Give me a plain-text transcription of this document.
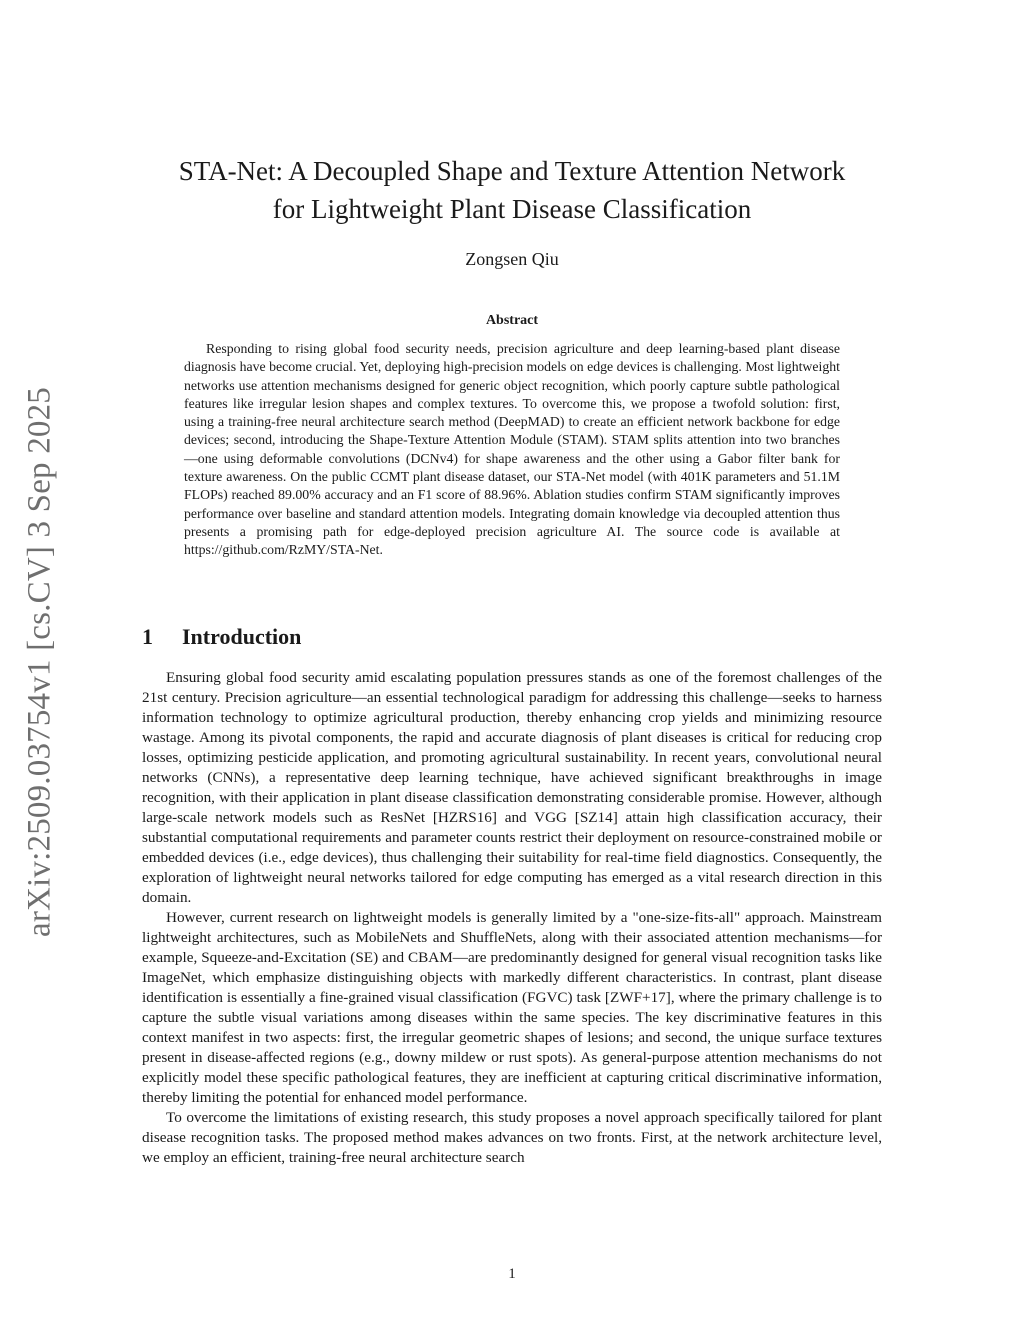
arXiv:2509.03754v1 [cs.CV] 3 Sep 2025
STA-Net: A Decoupled Shape and Texture Attention Network
for Lightweight Plant Disease Classification
Zongsen Qiu
Abstract

Responding to rising global food security needs, precision agriculture and deep learning-based plant disease diagnosis have become crucial. Yet, deploying high-precision models on edge devices is challenging. Most lightweight networks use attention mechanisms designed for generic object recognition, which poorly capture subtle pathological features like irregular lesion shapes and complex textures. To overcome this, we propose a twofold solution: first, using a training-free neural architecture search method (DeepMAD) to create an efficient network backbone for edge devices; second, introducing the Shape-Texture Attention Module (STAM). STAM splits attention into two branches—one using deformable convolutions (DCNv4) for shape awareness and the other using a Gabor filter bank for texture awareness. On the public CCMT plant disease dataset, our STA-Net model (with 401K parameters and 51.1M FLOPs) reached 89.00% accuracy and an F1 score of 88.96%. Ablation studies confirm STAM significantly improves performance over baseline and standard attention models. Integrating domain knowledge via decoupled attention thus presents a promising path for edge-deployed precision agriculture AI. The source code is available at https://github.com/RzMY/STA-Net.

1 Introduction

Ensuring global food security amid escalating population pressures stands as one of the foremost challenges of the 21st century. Precision agriculture—an essential technological paradigm for addressing this challenge—seeks to harness information technology to optimize agricultural production, thereby enhancing crop yields and minimizing resource wastage. Among its pivotal components, the rapid and accurate diagnosis of plant diseases is critical for reducing crop losses, optimizing pesticide application, and promoting agricultural sustainability. In recent years, convolutional neural networks (CNNs), a representative deep learning technique, have achieved significant breakthroughs in image recognition, with their application in plant disease classification demonstrating considerable promise. However, although large-scale network models such as ResNet [HZRS16] and VGG [SZ14] attain high classification accuracy, their substantial computational requirements and parameter counts restrict their deployment on resource-constrained mobile or embedded devices (i.e., edge devices), thus challenging their suitability for real-time field diagnostics. Consequently, the exploration of lightweight neural networks tailored for edge computing has emerged as a vital research direction in this domain.

However, current research on lightweight models is generally limited by a "one-size-fits-all" approach. Mainstream lightweight architectures, such as MobileNets and ShuffleNets, along with their associated attention mechanisms—for example, Squeeze-and-Excitation (SE) and CBAM—are predominantly designed for general visual recognition tasks like ImageNet, which emphasize distinguishing objects with markedly different characteristics. In contrast, plant disease identification is essentially a fine-grained visual classification (FGVC) task [ZWF+17], where the primary challenge is to capture the subtle visual variations among diseases within the same species. The key discriminative features in this context manifest in two aspects: first, the irregular geometric shapes of lesions; and second, the unique surface textures present in disease-affected regions (e.g., downy mildew or rust spots). As general-purpose attention mechanisms do not explicitly model these specific pathological features, they are inefficient at capturing critical discriminative information, thereby limiting the potential for enhanced model performance.

To overcome the limitations of existing research, this study proposes a novel approach specifically tailored for plant disease recognition tasks. The proposed method makes advances on two fronts. First, at the network architecture level, we employ an efficient, training-free neural architecture search

1
